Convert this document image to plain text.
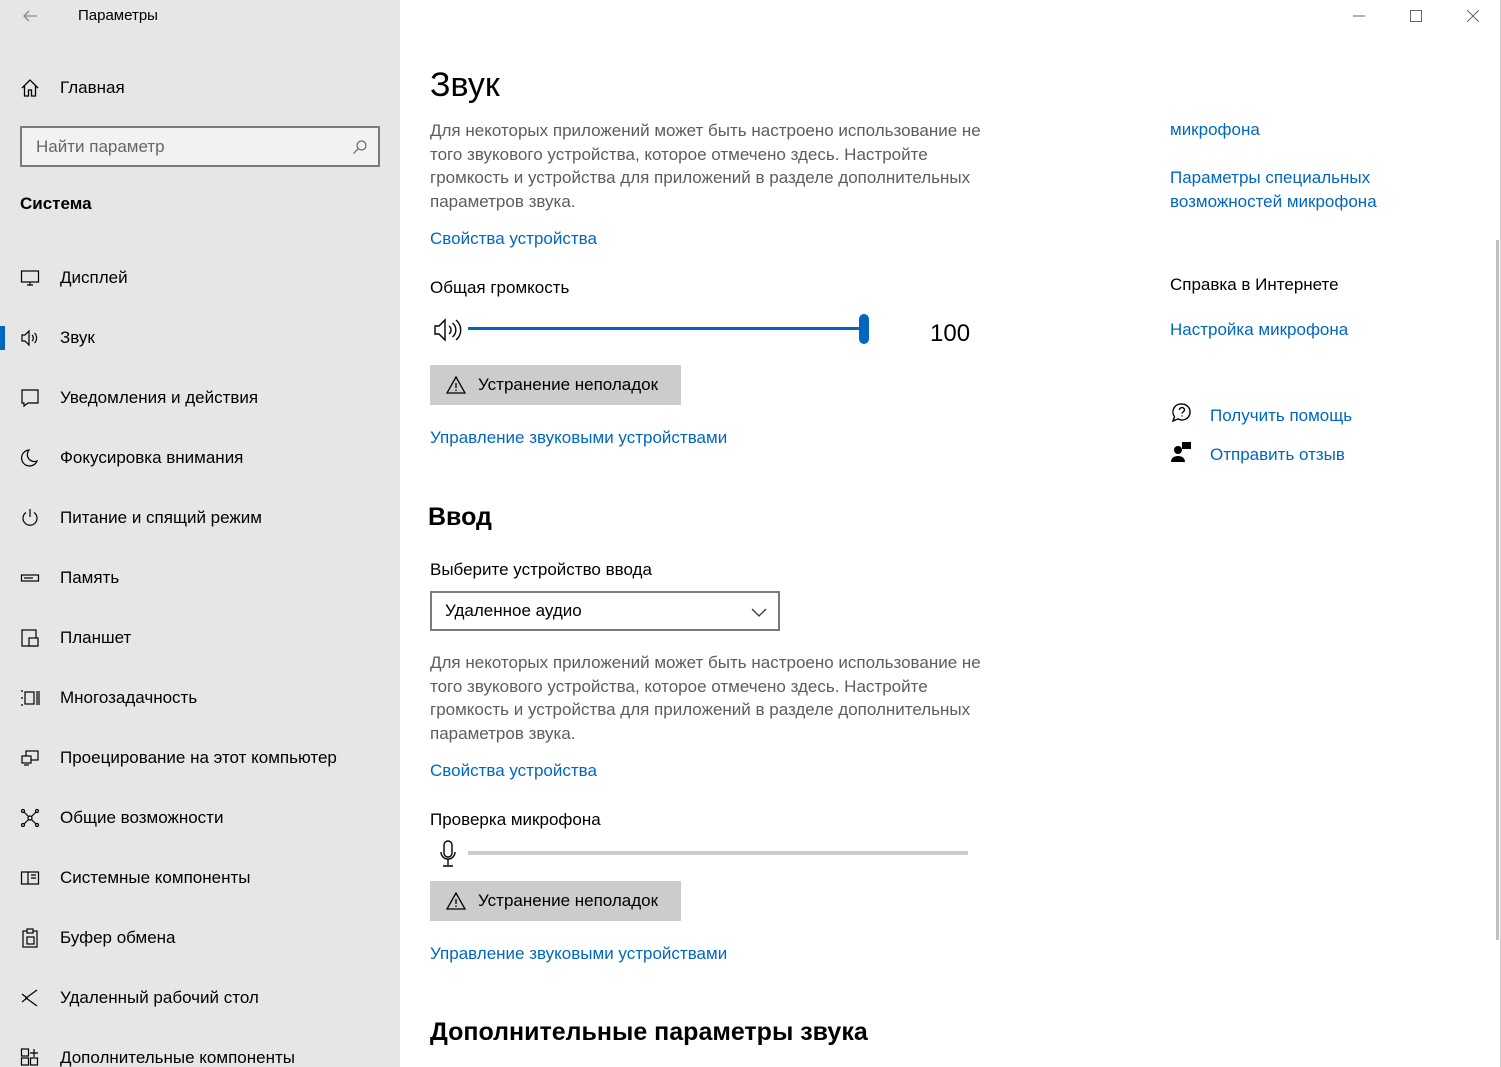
Параметры
Главная
Найти параметр
Система
Дисплей
Звук
Уведомления и действия
Фокусировка внимания
Питание и спящий режим
Память
Планшет
Многозадачность
Проецирование на этот компьютер
Общие возможности
Системные компоненты
Буфер обмена
Удаленный рабочий стол
Дополнительные компоненты
Звук

Для некоторых приложений может быть настроено использование не того звукового устройства, которое отмечено здесь. Настройте громкость и устройства для приложений в разделе дополнительных параметров звука.

Свойства устройства
Общая громкость
100
Устранение неполадок
Управление звуковыми устройствами
Ввод
Выберите устройство ввода
Удаленное аудио

Для некоторых приложений может быть настроено использование не того звукового устройства, которое отмечено здесь. Настройте громкость и устройства для приложений в разделе дополнительных параметров звука.

Свойства устройства
Проверка микрофона
Устранение неполадок
Управление звуковыми устройствами
Дополнительные параметры звука
микрофона
Параметры специальных возможностей микрофона
Справка в Интернете
Настройка микрофона
Получить помощь
Отправить отзыв
